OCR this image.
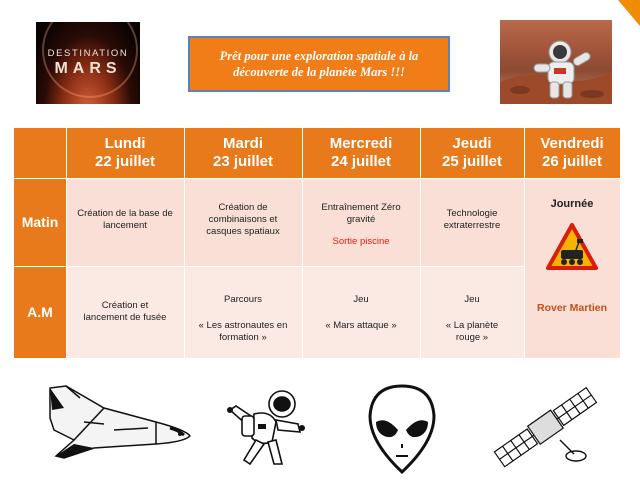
DESTINATION
MARS
Prêt pour une exploration spatiale à la
découverte de la planète Mars !!!
Lundi
22 juillet
Mardi
23 juillet
Mercredi
24 juillet
Jeudi
25 juillet
Vendredi
26 juillet
Matin
A.M
Création de la base de lancement
Création de combinaisons et casques spatiaux
Entraînement Zéro gravité
Sortie piscine
Technologie extraterrestre
Création et lancement de fusée
Parcours
« Les astronautes en formation »
Jeu
« Mars attaque »
Jeu
« La planète rouge »
Journée
Rover Martien
